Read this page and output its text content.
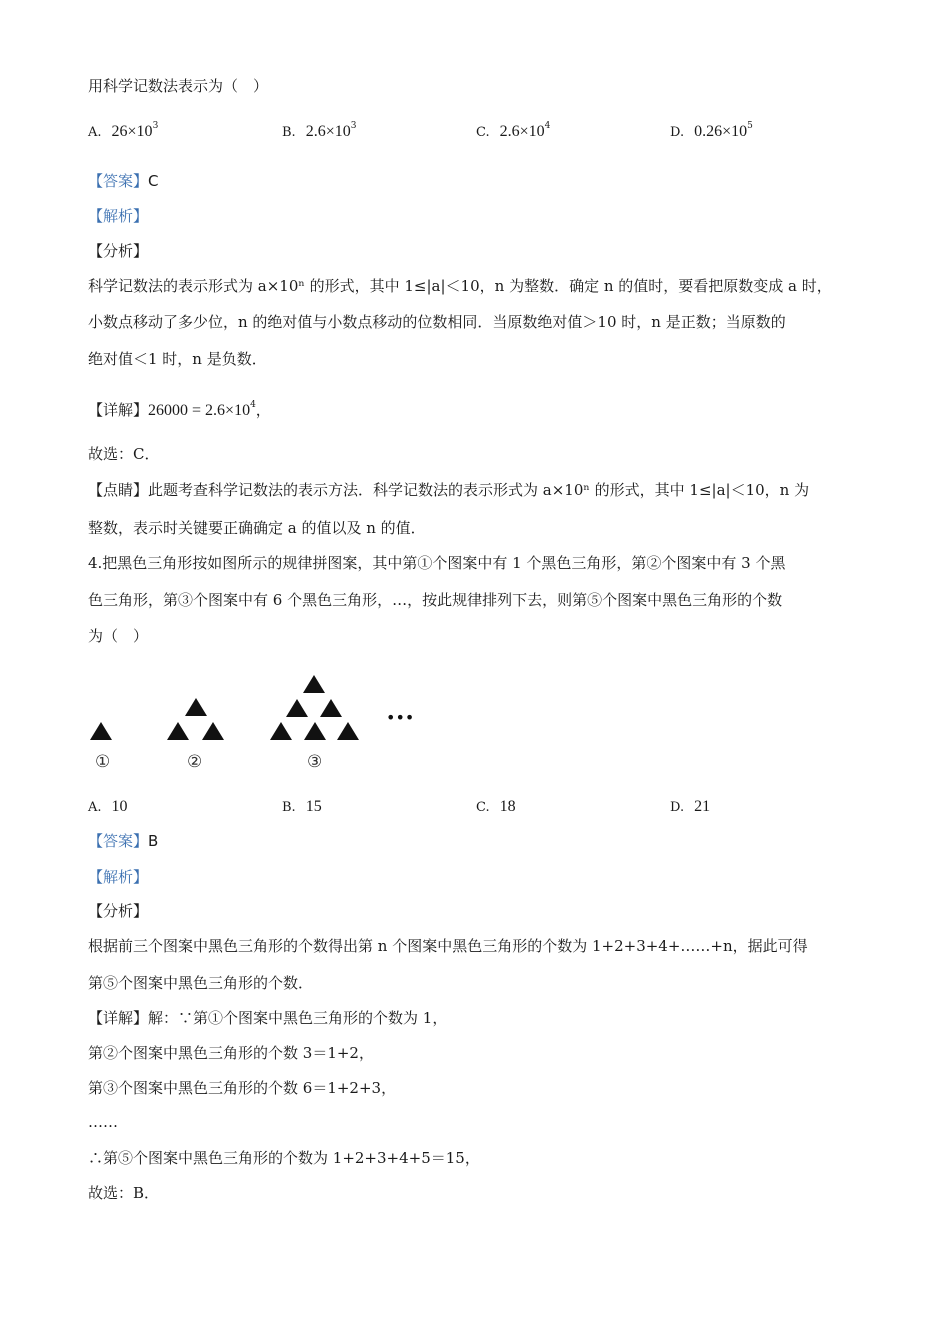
用科学记数法表示为（　）
A. $26\times 10^3$	B. $2.6\times 10^3$	C. $2.6\times 10^4$	D. $0.26\times 10^5$
【答案】C
【解析】
【分析】
科学记数法的表示形式为 a×10ⁿ 的形式，其中 1≤|a|＜10，n 为整数．确定 n 的值时，要看把原数变成 a 时，
小数点移动了多少位，n 的绝对值与小数点移动的位数相同．当原数绝对值＞10 时，n 是正数；当原数的
绝对值＜1 时，n 是负数．
【详解】$26000 = 2.6\times 10^4$，
故选：C．
【点睛】此题考查科学记数法的表示方法．科学记数法的表示形式为 a×10ⁿ 的形式，其中 1≤|a|＜10，n 为
整数，表示时关键要正确确定 a 的值以及 n 的值．
4.把黑色三角形按如图所示的规律拼图案，其中第①个图案中有 1 个黑色三角形，第②个图案中有 3 个黑
色三角形，第③个图案中有 6 个黑色三角形，…，按此规律排列下去，则第⑤个图案中黑色三角形的个数
为（　）
①	②	③
•••
A. 10	B. 15	C. 18	D. 21
【答案】B
【解析】
【分析】
根据前三个图案中黑色三角形的个数得出第 n 个图案中黑色三角形的个数为 1+2+3+4+……+n，据此可得
第⑤个图案中黑色三角形的个数．
【详解】解：∵第①个图案中黑色三角形的个数为 1，
第②个图案中黑色三角形的个数 3＝1+2，
第③个图案中黑色三角形的个数 6＝1+2+3，
……
∴第⑤个图案中黑色三角形的个数为 1+2+3+4+5＝15，
故选：B．
